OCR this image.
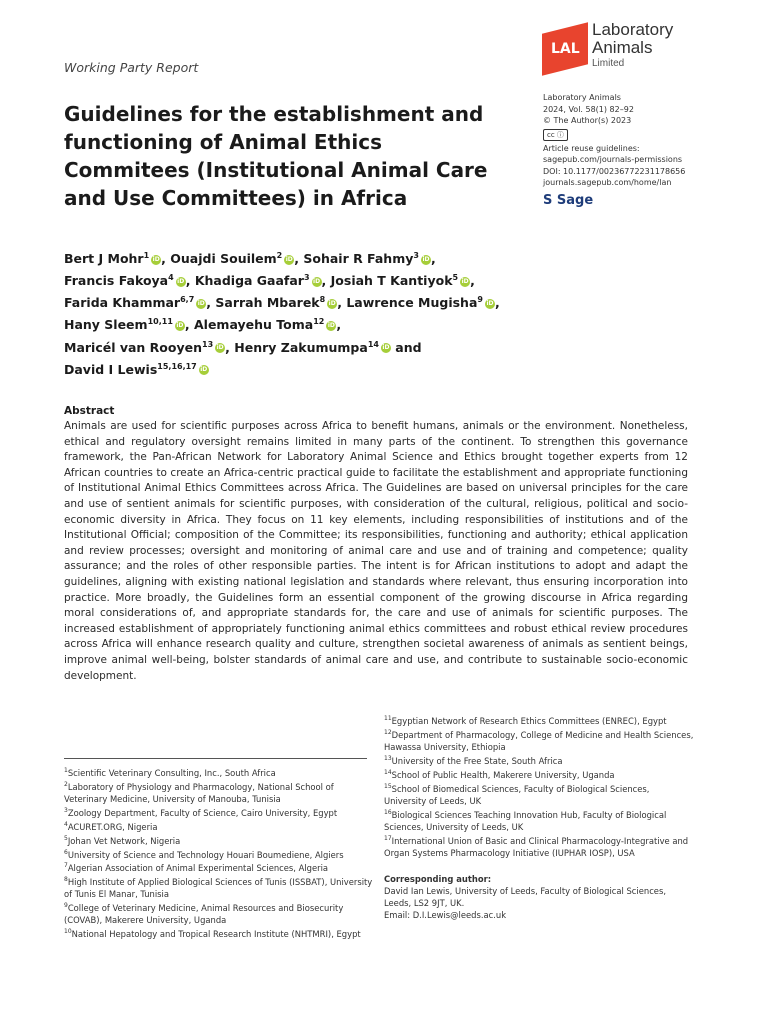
Working Party Report
LAL
Laboratory
Animals
Limited
Guidelines for the establishment and functioning of Animal Ethics Commitees (Institutional Animal Care and Use Committees) in Africa
Laboratory Animals
2024, Vol. 58(1) 82–92
© The Author(s) 2023
cc ⓘ
Article reuse guidelines:
sagepub.com/journals-permissions
DOI: 10.1177/00236772231178656
journals.sagepub.com/home/lan
S Sage
Bert J Mohr$^1$ iD, Ouajdi Souilem$^2$ iD, Sohair R Fahmy$^3$ iD,
Francis Fakoya$^4$ iD, Khadiga Gaafar$^3$ iD, Josiah T Kantiyok$^5$ iD,
Farida Khammar$^{6,7}$ iD, Sarrah Mbarek$^8$ iD, Lawrence Mugisha$^9$ iD,
Hany Sleem$^{10,11}$ iD, Alemayehu Toma$^{12}$ iD,
Maricél van Rooyen$^{13}$ iD, Henry Zakumumpa$^{14}$ iD and
David I Lewis$^{15,16,17}$ iD
Abstract

Animals are used for scientific purposes across Africa to benefit humans, animals or the environment. Nonetheless, ethical and regulatory oversight remains limited in many parts of the continent. To strengthen this governance framework, the Pan-African Network for Laboratory Animal Science and Ethics brought together experts from 12 African countries to create an Africa-centric practical guide to facilitate the establishment and appropriate functioning of Institutional Animal Ethics Committees across Africa. The Guidelines are based on universal principles for the care and use of sentient animals for scientific purposes, with consideration of the cultural, religious, political and socio-economic diversity in Africa. They focus on 11 key elements, including responsibilities of institutions and of the Institutional Official; composition of the Committee; its responsibilities, functioning and authority; ethical application and review processes; oversight and monitoring of animal care and use and of training and competence; quality assurance; and the roles of other responsible parties. The intent is for African institutions to adopt and adapt the guidelines, aligning with existing national legislation and standards where relevant, thus ensuring incorporation into practice. More broadly, the Guidelines form an essential component of the growing discourse in Africa regarding moral considerations of, and appropriate standards for, the care and use of animals for scientific purposes. The increased establishment of appropriately functioning animal ethics committees and robust ethical review procedures across Africa will enhance research quality and culture, strengthen societal awareness of animals as sentient beings, improve animal well-being, bolster standards of animal care and use, and contribute to sustainable socio-economic development.

$^1$Scientific Veterinary Consulting, Inc., South Africa

$^2$Laboratory of Physiology and Pharmacology, National School of Veterinary Medicine, University of Manouba, Tunisia

$^3$Zoology Department, Faculty of Science, Cairo University, Egypt

$^4$ACURET.ORG, Nigeria

$^5$Johan Vet Network, Nigeria

$^6$University of Science and Technology Houari Boumediene, Algiers

$^7$Algerian Association of Animal Experimental Sciences, Algeria

$^8$High Institute of Applied Biological Sciences of Tunis (ISSBAT), University of Tunis El Manar, Tunisia

$^9$College of Veterinary Medicine, Animal Resources and Biosecurity (COVAB), Makerere University, Uganda

$^{10}$National Hepatology and Tropical Research Institute (NHTMRI), Egypt

$^{11}$Egyptian Network of Research Ethics Committees (ENREC), Egypt

$^{12}$Department of Pharmacology, College of Medicine and Health Sciences, Hawassa University, Ethiopia

$^{13}$University of the Free State, South Africa

$^{14}$School of Public Health, Makerere University, Uganda

$^{15}$School of Biomedical Sciences, Faculty of Biological Sciences, University of Leeds, UK

$^{16}$Biological Sciences Teaching Innovation Hub, Faculty of Biological Sciences, University of Leeds, UK

$^{17}$International Union of Basic and Clinical Pharmacology-Integrative and Organ Systems Pharmacology Initiative (IUPHAR IOSP), USA

Corresponding author:

David Ian Lewis, University of Leeds, Faculty of Biological Sciences, Leeds, LS2 9JT, UK.

Email: D.I.Lewis@leeds.ac.uk
